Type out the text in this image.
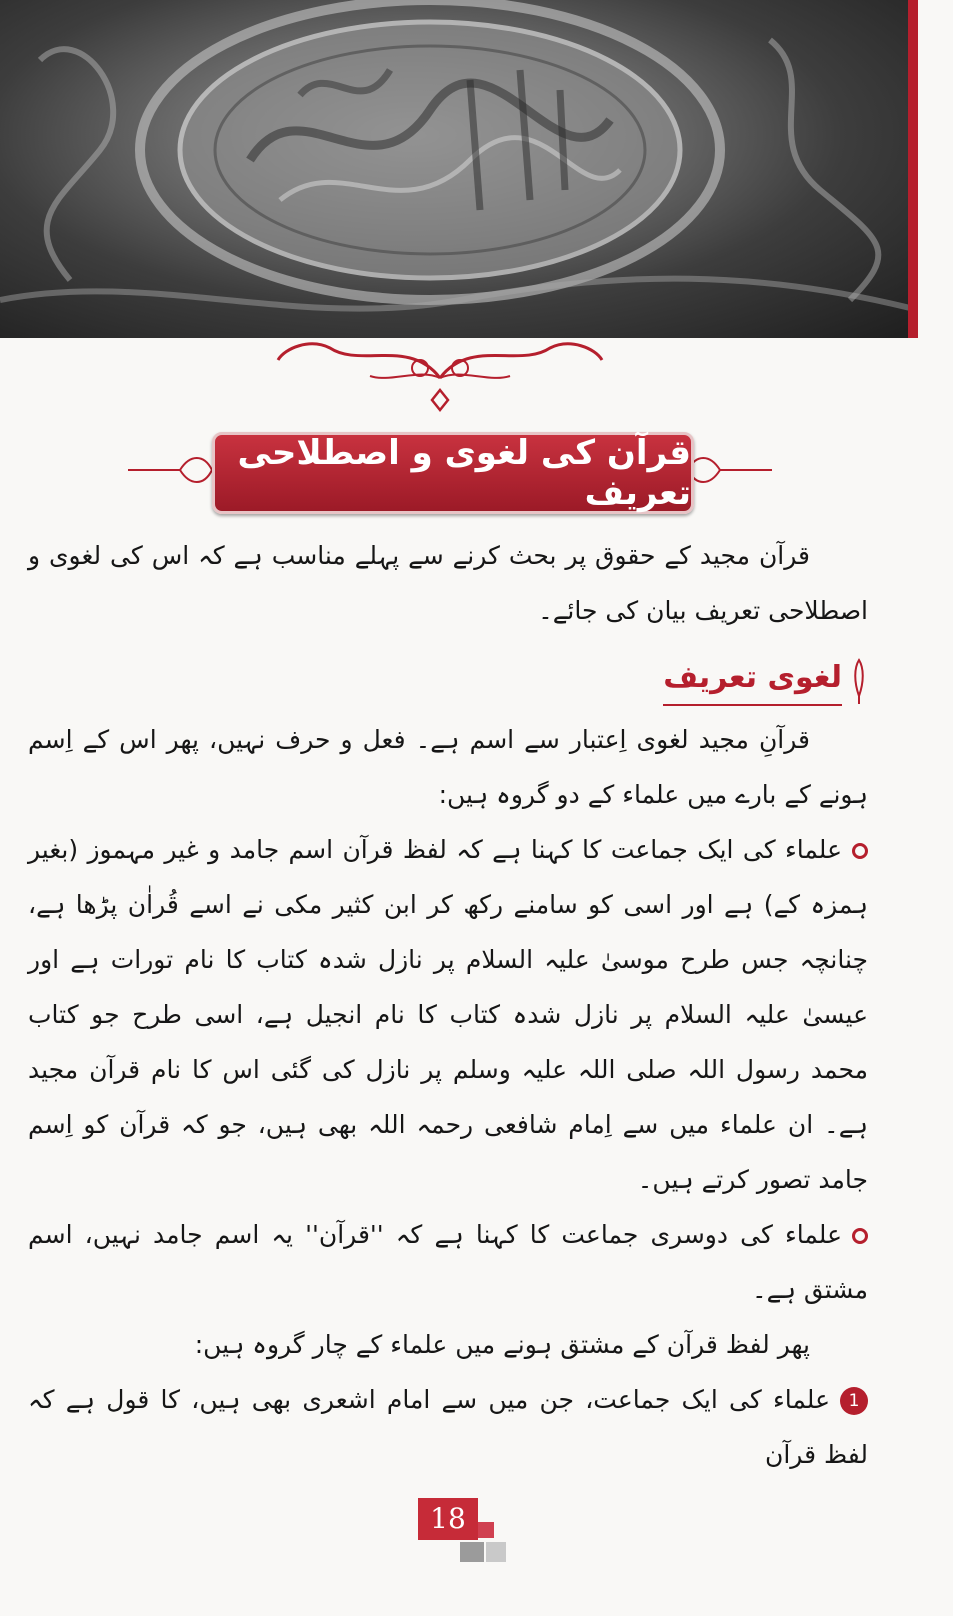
قرآن کی لغوی و اصطلاحی تعریف

قرآن مجید کے حقوق پر بحث کرنے سے پہلے مناسب ہے کہ اس کی لغوی و اصطلاحی تعریف بیان کی جائے۔

لغوی تعریف

قرآنِ مجید لغوی اِعتبار سے اسم ہے۔ فعل و حرف نہیں، پھر اس کے اِسم ہونے کے بارے میں علماء کے دو گروہ ہیں:

علماء کی ایک جماعت کا کہنا ہے کہ لفظ قرآن اسم جامد و غیر مہموز (بغیر ہمزہ کے) ہے اور اسی کو سامنے رکھ کر ابن کثیر مکی نے اسے قُراٰن پڑھا ہے، چنانچہ جس طرح موسیٰ علیہ السلام پر نازل شدہ کتاب کا نام تورات ہے اور عیسیٰ علیہ السلام پر نازل شدہ کتاب کا نام انجیل ہے، اسی طرح جو کتاب محمد رسول اللہ صلی اللہ علیہ وسلم پر نازل کی گئی اس کا نام قرآن مجید ہے۔ ان علماء میں سے اِمام شافعی رحمہ اللہ بھی ہیں، جو کہ قرآن کو اِسم جامد تصور کرتے ہیں۔

علماء کی دوسری جماعت کا کہنا ہے کہ ''قرآن'' یہ اسم جامد نہیں، اسم مشتق ہے۔

پھر لفظ قرآن کے مشتق ہونے میں علماء کے چار گروہ ہیں:

1علماء کی ایک جماعت، جن میں سے امام اشعری بھی ہیں، کا قول ہے کہ لفظ قرآن

18
